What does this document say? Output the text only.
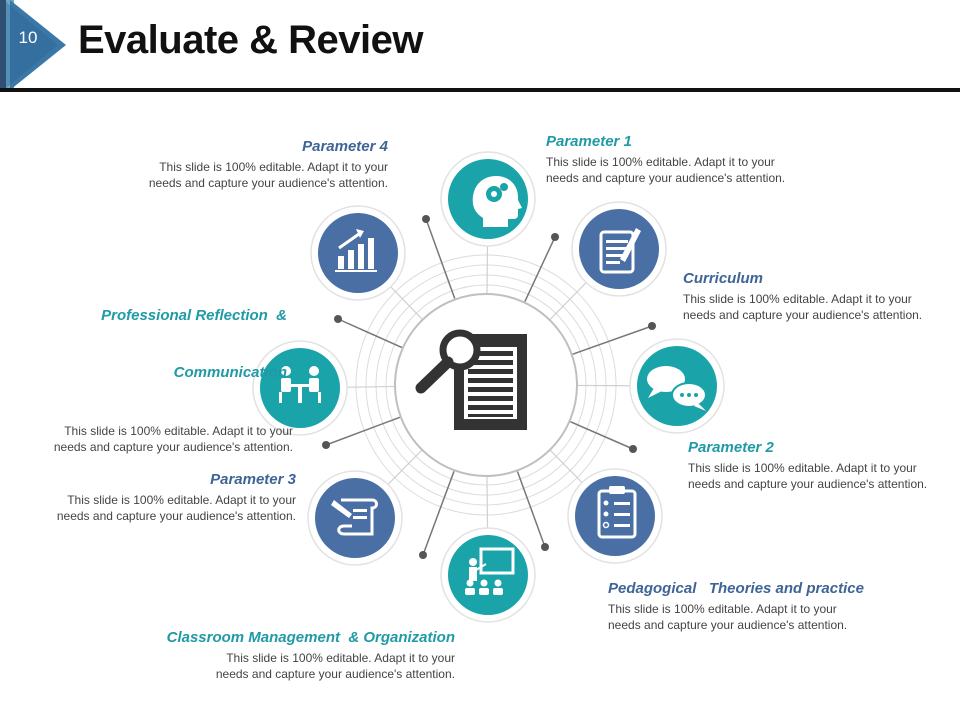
10	Evaluate & Review
Parameter 1
This slide is 100% editable. Adapt it to your
needs and capture your audience's attention.
Curriculum
This slide is 100% editable. Adapt it to your
needs and capture your audience's attention.
Parameter 2
This slide is 100% editable. Adapt it to your
needs and capture your audience's attention.
Pedagogical   Theories and practice
This slide is 100% editable. Adapt it to your
needs and capture your audience's attention.
Classroom Management  & Organization
This slide is 100% editable. Adapt it to your
needs and capture your audience's attention.
Parameter 3
This slide is 100% editable. Adapt it to your
needs and capture your audience's attention.

Professional Reflection  &

Communication

This slide is 100% editable. Adapt it to your
needs and capture your audience's attention.
Parameter 4
This slide is 100% editable. Adapt it to your
needs and capture your audience's attention.
